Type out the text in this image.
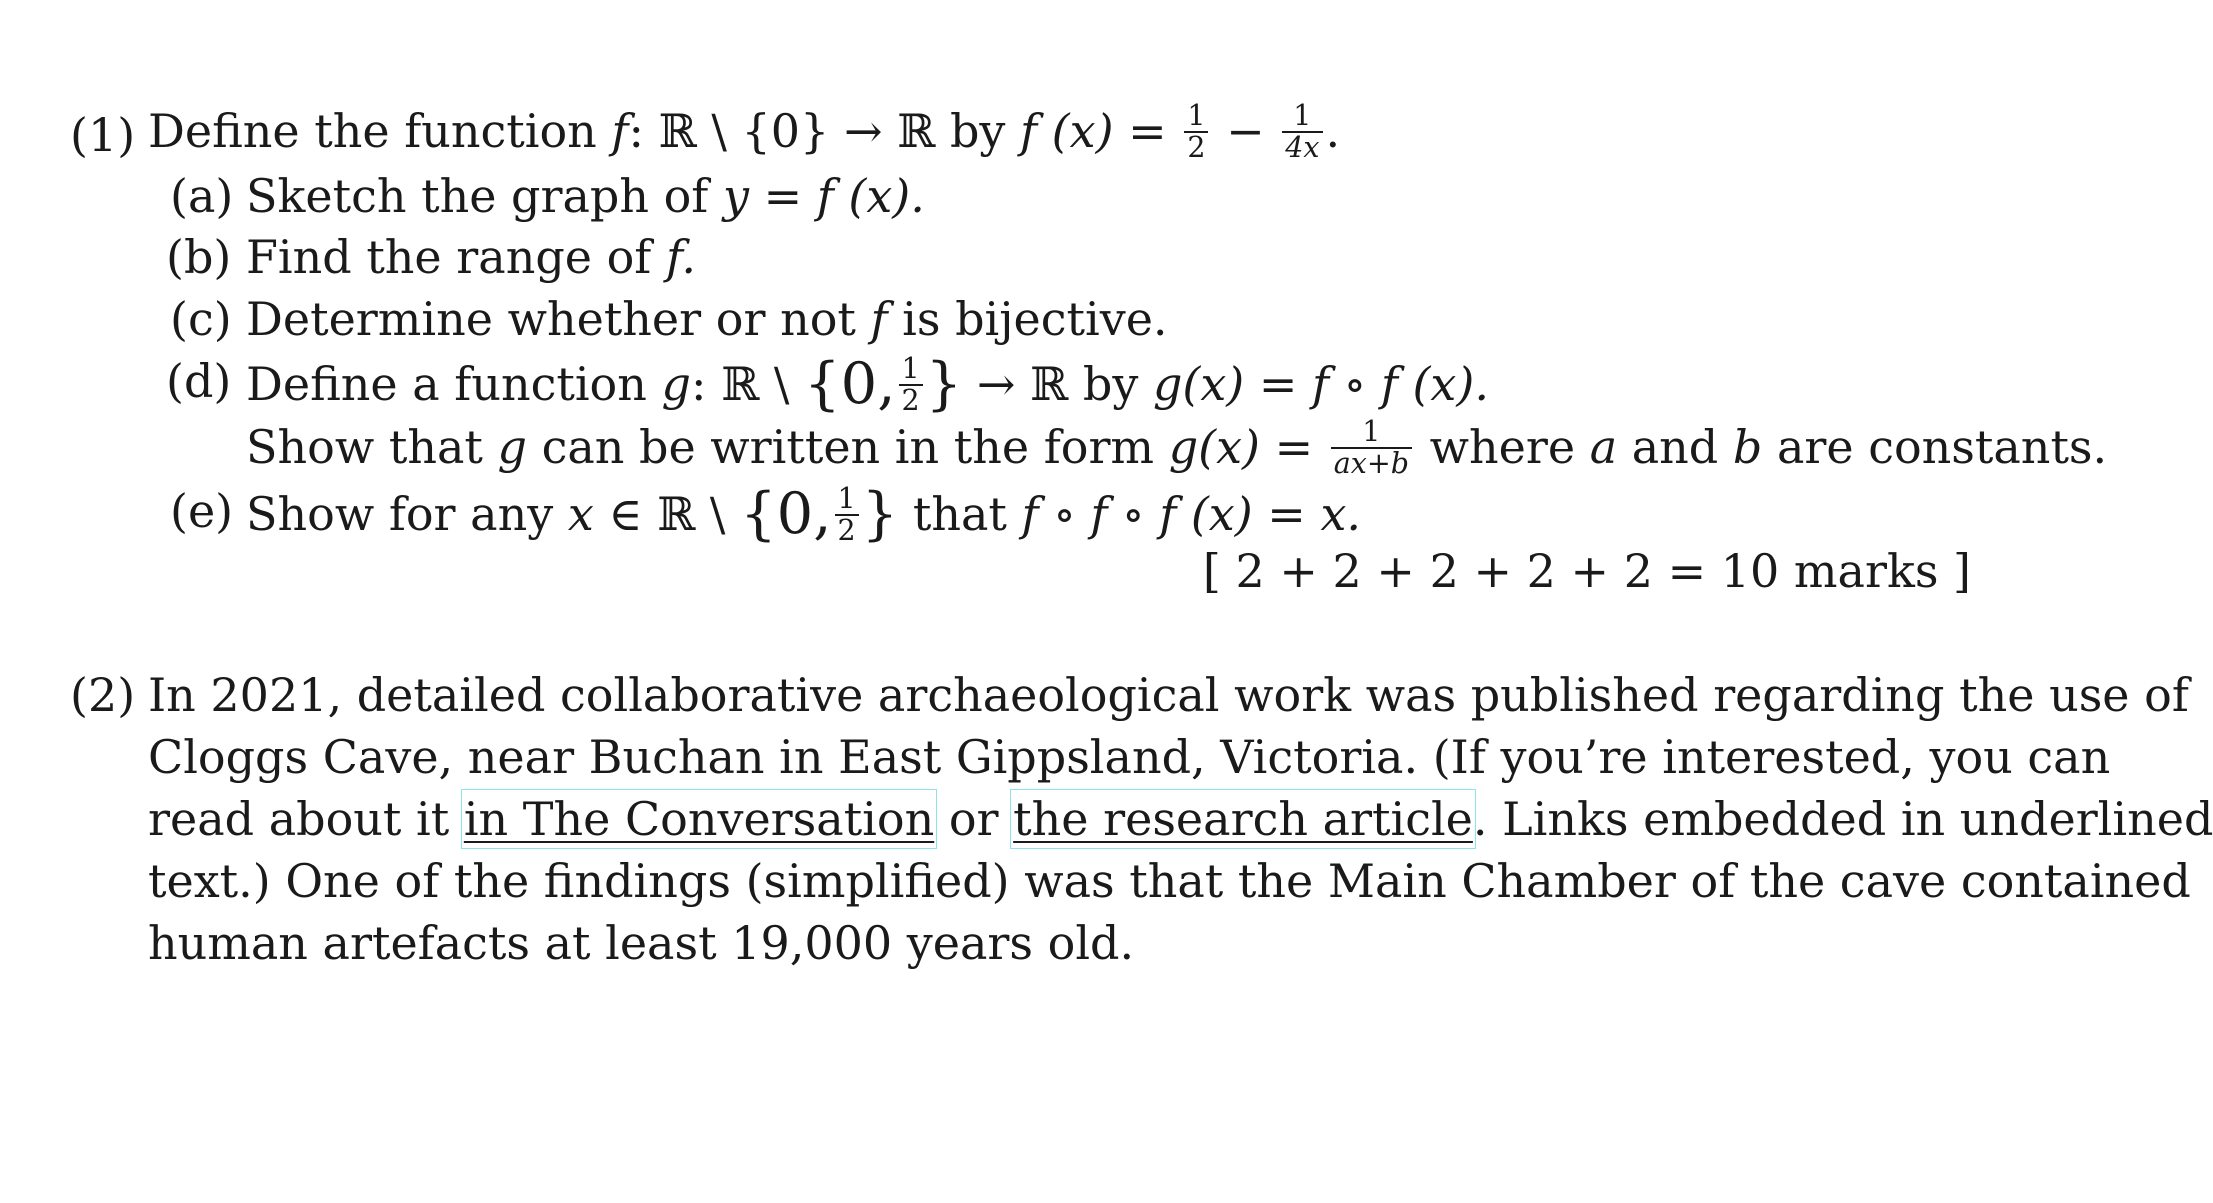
(1) Define the function f: ℝ \ {0} → ℝ by f $(x) = \frac{1}{2} - \frac{1}{4x}$ .
(a) Sketch the graph of y = f (x).
(b) Find the range of f.
(c) Determine whether or not f is bijective.
(d) Define a function g: ℝ \ {0, $\frac{1}{2}$ } → ℝ by g(x) = f ∘ f (x).
Show that g can be written in the form $g(x) = \frac{1}{ax+b}$ where a and b are constants.
(e) Show for any x ∈ ℝ \ {0, $\frac{1}{2}$ } that f ∘ f ∘ f (x) = x.
[ 2 + 2 + 2 + 2 + 2 = 10 marks ]
(2) In 2021, detailed collaborative archaeological work was published regarding the use of
Cloggs Cave, near Buchan in East Gippsland, Victoria. (If you’re interested, you can
read about it in The Conversation or the research article. Links embedded in underlined
text.) One of the findings (simplified) was that the Main Chamber of the cave contained
human artefacts at least 19,000 years old.
